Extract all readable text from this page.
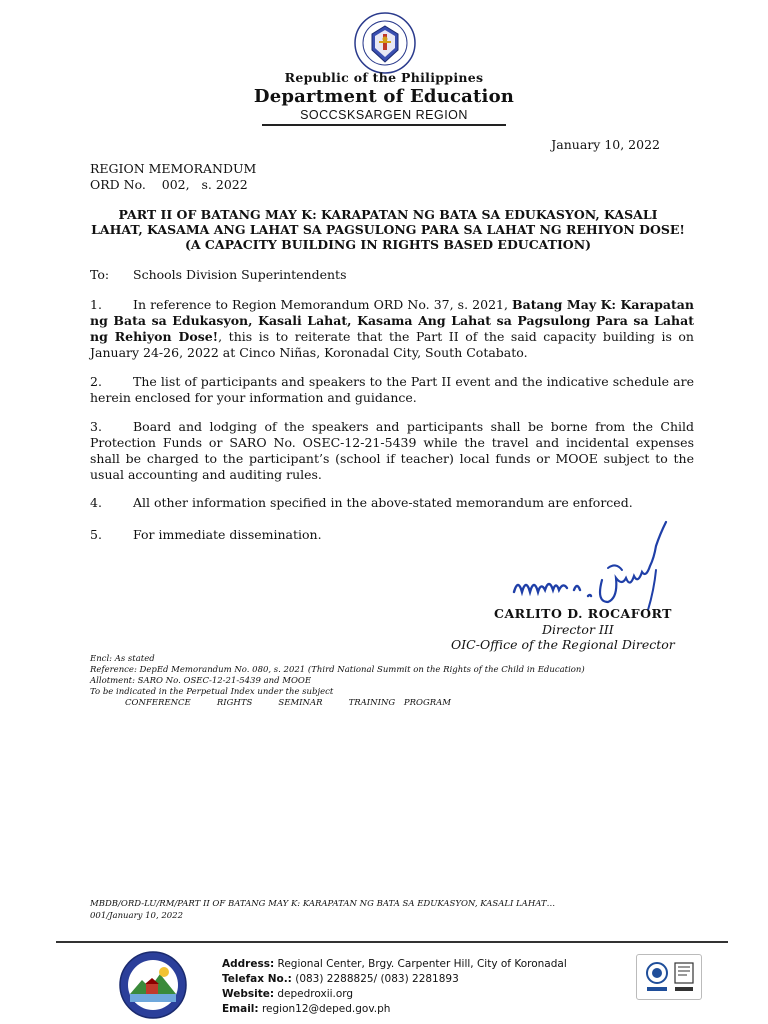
Republic of the Philippines
Department of Education
SOCCSKSARGEN REGION
January 10, 2022
REGION MEMORANDUM
ORD No.    002,   s. 2022
PART II OF BATANG MAY K: KARAPATAN NG BATA SA EDUKASYON, KASALI
LAHAT, KASAMA ANG LAHAT SA PAGSULONG PARA SA LAHAT NG REHIYON DOSE!
(A CAPACITY BUILDING IN RIGHTS BASED EDUCATION)
To: Schools Division Superintendents
1. In reference to Region Memorandum ORD No. 37, s. 2021, Batang May K: Karapatan ng Bata sa Edukasyon, Kasali Lahat, Kasama Ang Lahat sa Pagsulong Para sa Lahat ng Rehiyon Dose!, this is to reiterate that the Part II of the said capacity building is on January 24-26, 2022 at Cinco Niñas, Koronadal City, South Cotabato.
2. The list of participants and speakers to the Part II event and the indicative schedule are herein enclosed for your information and guidance.
3. Board and lodging of the speakers and participants shall be borne from the Child Protection Funds or SARO No. OSEC-12-21-5439 while the travel and incidental expenses shall be charged to the participant’s (school if teacher) local funds or MOOE subject to the usual accounting and auditing rules.
4. All other information specified in the above-stated memorandum are enforced.
5. For immediate dissemination.
CARLITO D. ROCAFORT
Director III
OIC-Office of the Regional Director
Encl: As stated
Reference: DepEd Memorandum No. 080, s. 2021 (Third National Summit on the Rights of the Child in Education)
Allotment: SARO No. OSEC-12-21-5439 and MOOE
To be indicated in the Perpetual Index under the subject
CONFERENCE   RIGHTS   SEMINAR   TRAINING PROGRAM
MBDB/ORD-LU/RM/PART II OF BATANG MAY K: KARAPATAN NG BATA SA EDUKASYON, KASALI LAHAT…
001/January 10, 2022
Address: Regional Center, Brgy. Carpenter Hill, City of Koronadal
Telefax No.: (083) 2288825/ (083) 2281893
Website: depedroxii.org
Email: region12@deped.gov.ph
